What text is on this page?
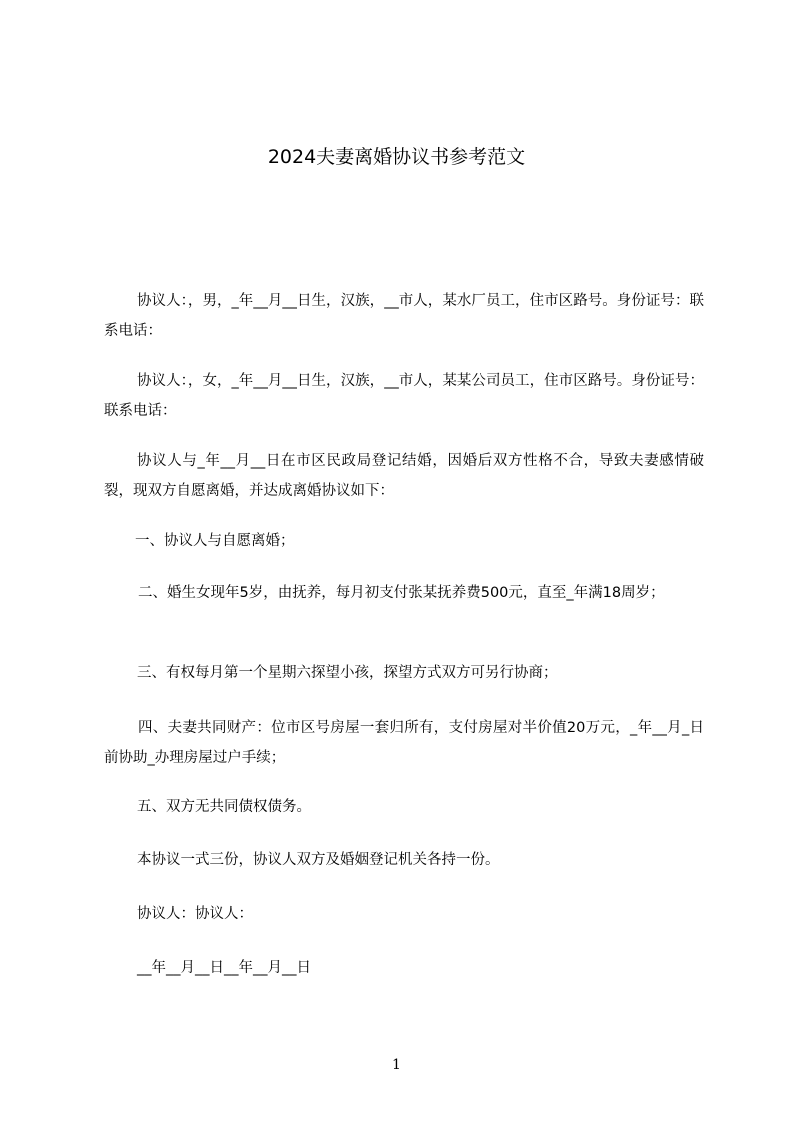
2024夫妻离婚协议书参考范文

协议人：，男，_年__月__日生，汉族，__市人，某水厂员工，住市区路号。身份证号：联系电话：

协议人：，女，_年__月__日生，汉族，__市人，某某公司员工，住市区路号。身份证号：联系电话：

协议人与_年__月__日在市区民政局登记结婚，因婚后双方性格不合，导致夫妻感情破裂，现双方自愿离婚，并达成离婚协议如下：

一、协议人与自愿离婚；

二、婚生女现年5岁，由抚养，每月初支付张某抚养费500元，直至_年满18周岁；

三、有权每月第一个星期六探望小孩，探望方式双方可另行协商；

四、夫妻共同财产：位市区号房屋一套归所有，支付房屋对半价值20万元，_年__月_日前协助_办理房屋过户手续；

五、双方无共同债权债务。

本协议一式三份，协议人双方及婚姻登记机关各持一份。

协议人：协议人：

__年__月__日__年__月__日

1
